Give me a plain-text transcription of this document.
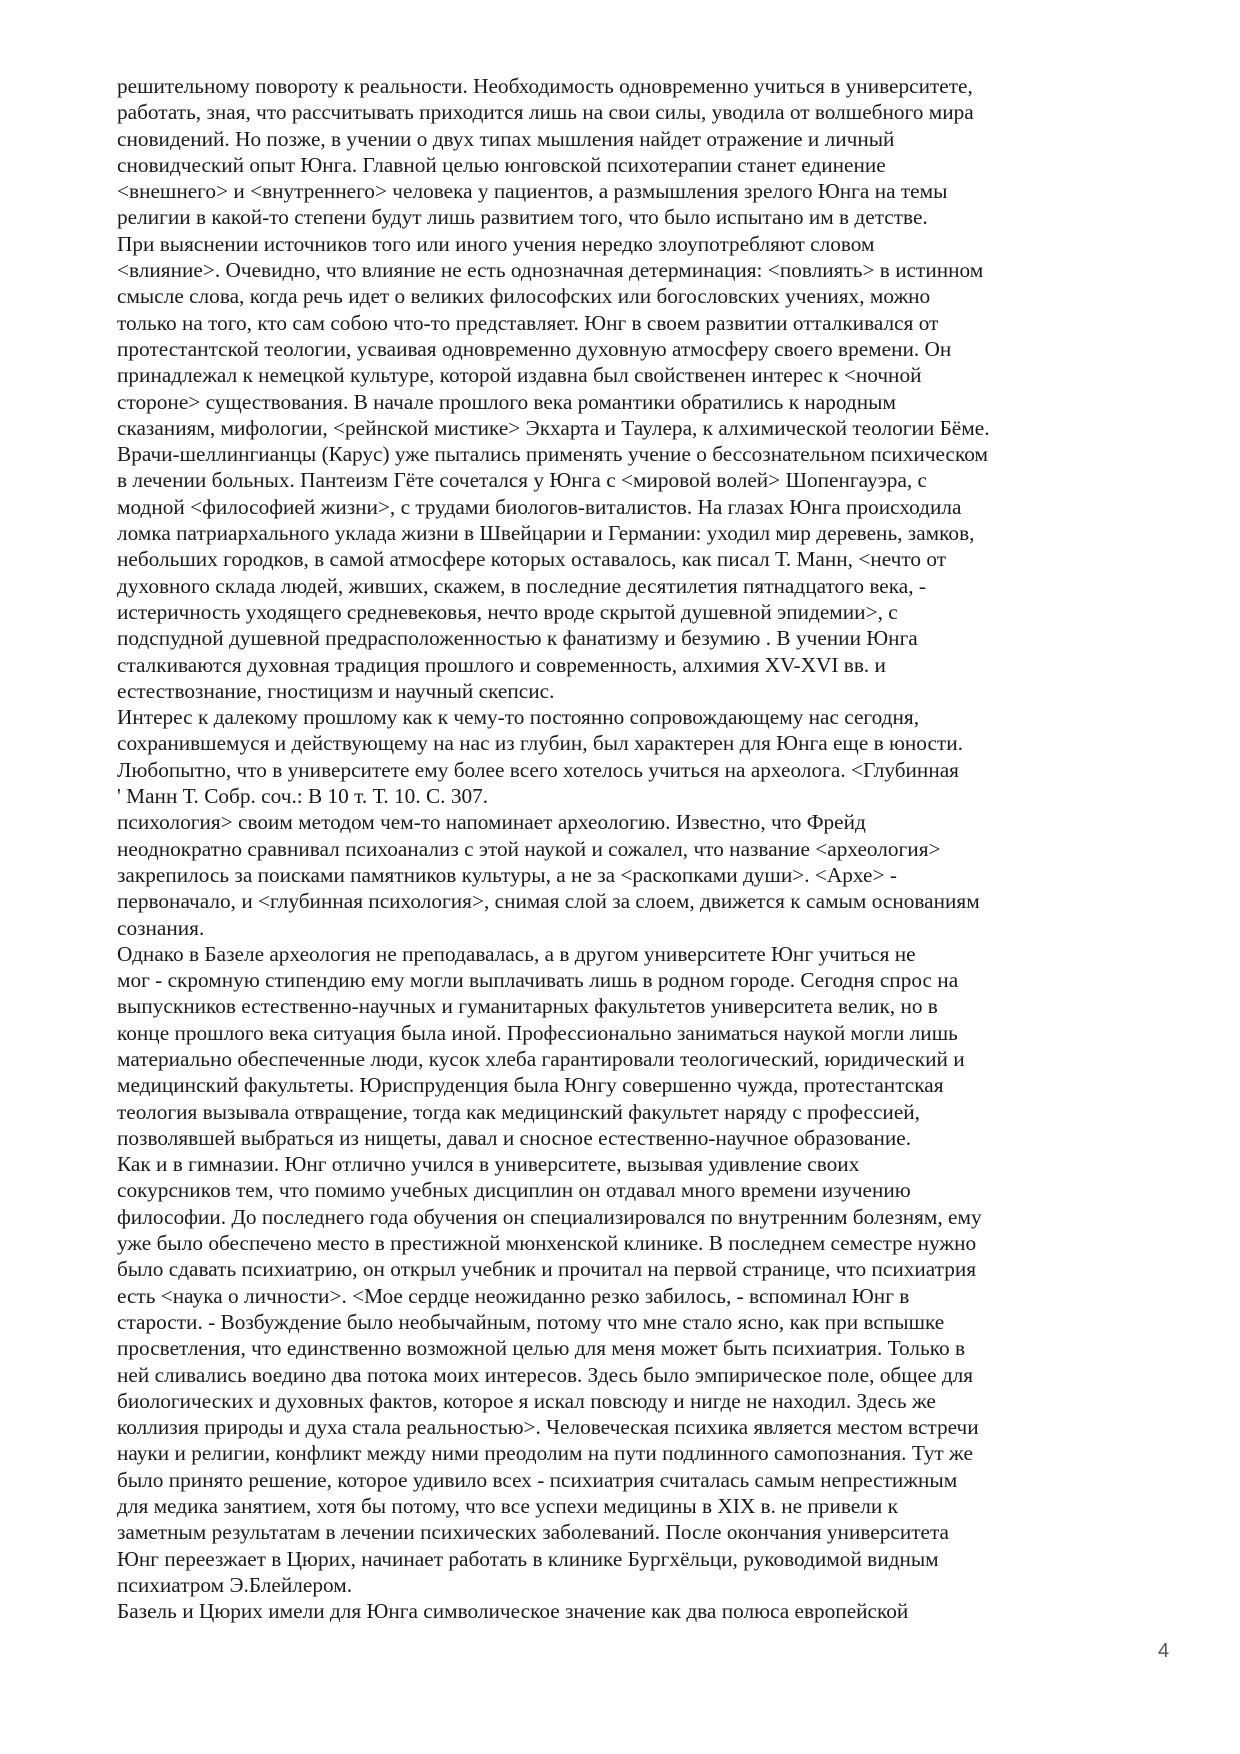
решительному повороту к реальности. Необходимость одновременно учиться в университете,
работать, зная, что рассчитывать приходится лишь на свои силы, уводила от волшебного мира
сновидений. Но позже, в учении о двух типах мышления найдет отражение и личный
сновидческий опыт Юнга. Главной целью юнговской психотерапии станет единение
<внешнего> и <внутреннего> человека у пациентов, а размышления зрелого Юнга на темы
религии в какой-то степени будут лишь развитием того, что было испытано им в детстве.
При выяснении источников того или иного учения нередко злоупотребляют словом
<влияние>. Очевидно, что влияние не есть однозначная детерминация: <повлиять> в истинном
смысле слова, когда речь идет о великих философских или богословских учениях, можно
только на того, кто сам собою что-то представляет. Юнг в своем развитии отталкивался от
протестантской теологии, усваивая одновременно духовную атмосферу своего времени. Он
принадлежал к немецкой культуре, которой издавна был свойственен интерес к <ночной
стороне> существования. В начале прошлого века романтики обратились к народным
сказаниям, мифологии, <рейнской мистике> Экхарта и Таулера, к алхимической теологии Бёме.
Врачи-шеллингианцы (Карус) уже пытались применять учение о бессознательном психическом
в лечении больных. Пантеизм Гёте сочетался у Юнга с <мировой волей> Шопенгауэра, с
модной <философией жизни>, с трудами биологов-виталистов. На глазах Юнга происходила
ломка патриархального уклада жизни в Швейцарии и Германии: уходил мир деревень, замков,
небольших городков, в самой атмосфере которых оставалось, как писал Т. Манн, <нечто от
духовного склада людей, живших, скажем, в последние десятилетия пятнадцатого века, -
истеричность уходящего средневековья, нечто вроде скрытой душевной эпидемии>, с
подспудной душевной предрасположенностью к фанатизму и безумию . В учении Юнга
сталкиваются духовная традиция прошлого и современность, алхимия XV-XVI вв. и
естествознание, гностицизм и научный скепсис.
Интерес к далекому прошлому как к чему-то постоянно сопровождающему нас сегодня,
сохранившемуся и действующему на нас из глубин, был характерен для Юнга еще в юности.
Любопытно, что в университете ему более всего хотелось учиться на археолога. <Глубинная
' Манн Т. Собр. соч.: В 10 т. Т. 10. С. 307.
психология> своим методом чем-то напоминает археологию. Известно, что Фрейд
неоднократно сравнивал психоанализ с этой наукой и сожалел, что название <археология>
закрепилось за поисками памятников культуры, а не за <раскопками души>. <Архе> -
первоначало, и <глубинная психология>, снимая слой за слоем, движется к самым основаниям
сознания.
Однако в Базеле археология не преподавалась, а в другом университете Юнг учиться не
мог - скромную стипендию ему могли выплачивать лишь в родном городе. Сегодня спрос на
выпускников естественно-научных и гуманитарных факультетов университета велик, но в
конце прошлого века ситуация была иной. Профессионально заниматься наукой могли лишь
материально обеспеченные люди, кусок хлеба гарантировали теологический, юридический и
медицинский факультеты. Юриспруденция была Юнгу совершенно чужда, протестантская
теология вызывала отвращение, тогда как медицинский факультет наряду с профессией,
позволявшей выбраться из нищеты, давал и сносное естественно-научное образование.
Как и в гимназии. Юнг отлично учился в университете, вызывая удивление своих
сокурсников тем, что помимо учебных дисциплин он отдавал много времени изучению
философии. До последнего года обучения он специализировался по внутренним болезням, ему
уже было обеспечено место в престижной мюнхенской клинике. В последнем семестре нужно
было сдавать психиатрию, он открыл учебник и прочитал на первой странице, что психиатрия
есть <наука о личности>. <Мое сердце неожиданно резко забилось, - вспоминал Юнг в
старости. - Возбуждение было необычайным, потому что мне стало ясно, как при вспышке
просветления, что единственно возможной целью для меня может быть психиатрия. Только в
ней сливались воедино два потока моих интересов. Здесь было эмпирическое поле, общее для
биологических и духовных фактов, которое я искал повсюду и нигде не находил. Здесь же
коллизия природы и духа стала реальностью>. Человеческая психика является местом встречи
науки и религии, конфликт между ними преодолим на пути подлинного самопознания. Тут же
было принято решение, которое удивило всех - психиатрия считалась самым непрестижным
для медика занятием, хотя бы потому, что все успехи медицины в XIX в. не привели к
заметным результатам в лечении психических заболеваний. После окончания университета
Юнг переезжает в Цюрих, начинает работать в клинике Бургхёльци, руководимой видным
психиатром Э.Блейлером.
Базель и Цюрих имели для Юнга символическое значение как два полюса европейской
4
